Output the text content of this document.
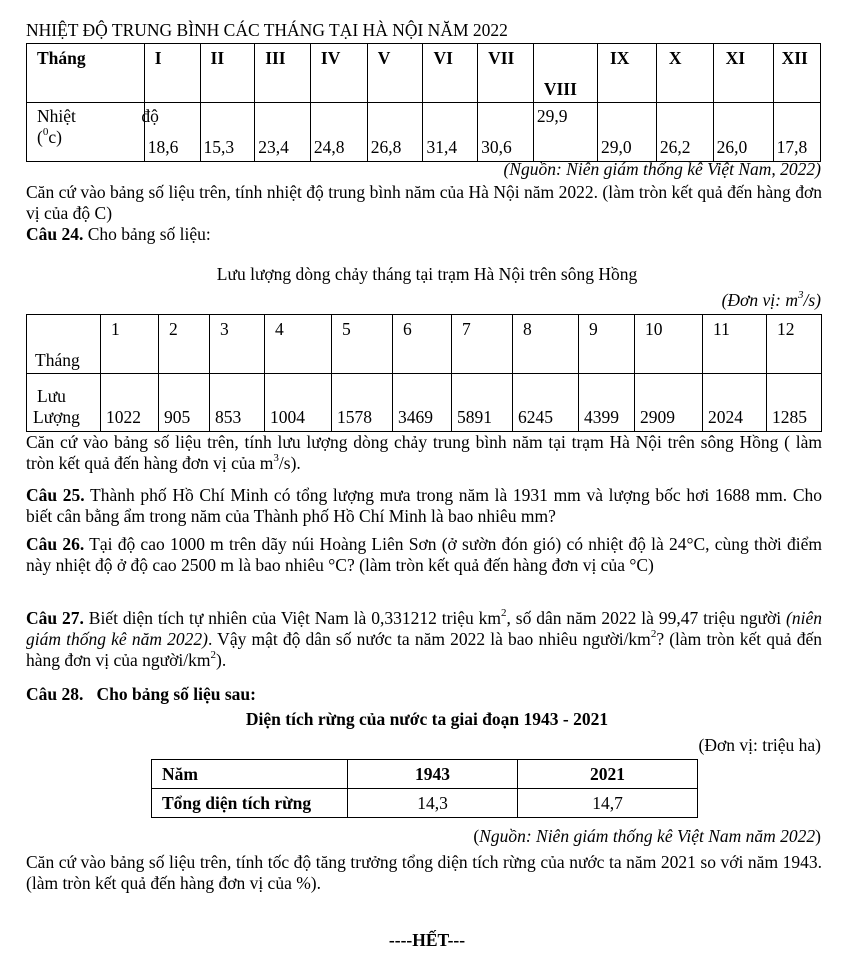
NHIỆT ĐỘ TRUNG BÌNH CÁC THÁNG TẠI HÀ NỘI NĂM 2022
Tháng	I	II	III	IV	V	VI	VII	VIII	IX	X	XI	XII

Nhiệt    độ
($^0$c)	18,6	15,3	23,4	24,8	26,8	31,4	30,6	29,9	29,0	26,2	26,0	17,8
(Nguồn: Niên giám thống kê Việt Nam, 2022)
Căn cứ vào bảng số liệu trên, tính nhiệt độ trung bình năm của Hà Nội năm 2022. (làm tròn kết quả đến hàng đơn vị của độ C)
Câu 24. Cho bảng số liệu:
Lưu lượng dòng chảy tháng tại trạm Hà Nội trên sông Hồng
(Đơn vị: $m^3/s$)
Tháng	1	2	3	4	5	6	7	8	9	10	11	12

Lưu
Lượng	1022	905	853	1004	1578	3469	5891	6245	4399	2909	2024	1285
Căn cứ vào bảng số liệu trên, tính lưu lượng dòng chảy trung bình năm tại trạm Hà Nội trên sông Hồng ( làm tròn kết quả đến hàng đơn vị của $m^3/s$).
Câu 25. Thành phố Hồ Chí Minh có tổng lượng mưa trong năm là 1931 mm và lượng bốc hơi 1688 mm. Cho biết cân bằng ẩm trong năm của Thành phố Hồ Chí Minh là bao nhiêu mm?
Câu 26. Tại độ cao 1000 m trên dãy núi Hoàng Liên Sơn (ở sườn đón gió) có nhiệt độ là 24°C, cùng thời điểm này nhiệt độ ở độ cao 2500 m là bao nhiêu °C? (làm tròn kết quả đến hàng đơn vị của °C)
Câu 27. Biết diện tích tự nhiên của Việt Nam là 0,331212 triệu $km^2$, số dân năm 2022 là 99,47 triệu người (niên giám thống kê năm 2022). Vậy mật độ dân số nước ta năm 2022 là bao nhiêu người/$km^2$? (làm tròn kết quả đến hàng đơn vị của người/$km^2$).
Câu 28.   Cho bảng số liệu sau:
Diện tích rừng của nước ta giai đoạn 1943 - 2021
(Đơn vị: triệu ha)
Năm	1943	2021
Tổng diện tích rừng	14,3	14,7
(Nguồn: Niên giám thống kê Việt Nam năm 2022)
Căn cứ vào bảng số liệu trên, tính tốc độ tăng trưởng tổng diện tích rừng của nước ta năm 2021 so với năm 1943. (làm tròn kết quả đến hàng đơn vị của %).
----HẾT---
